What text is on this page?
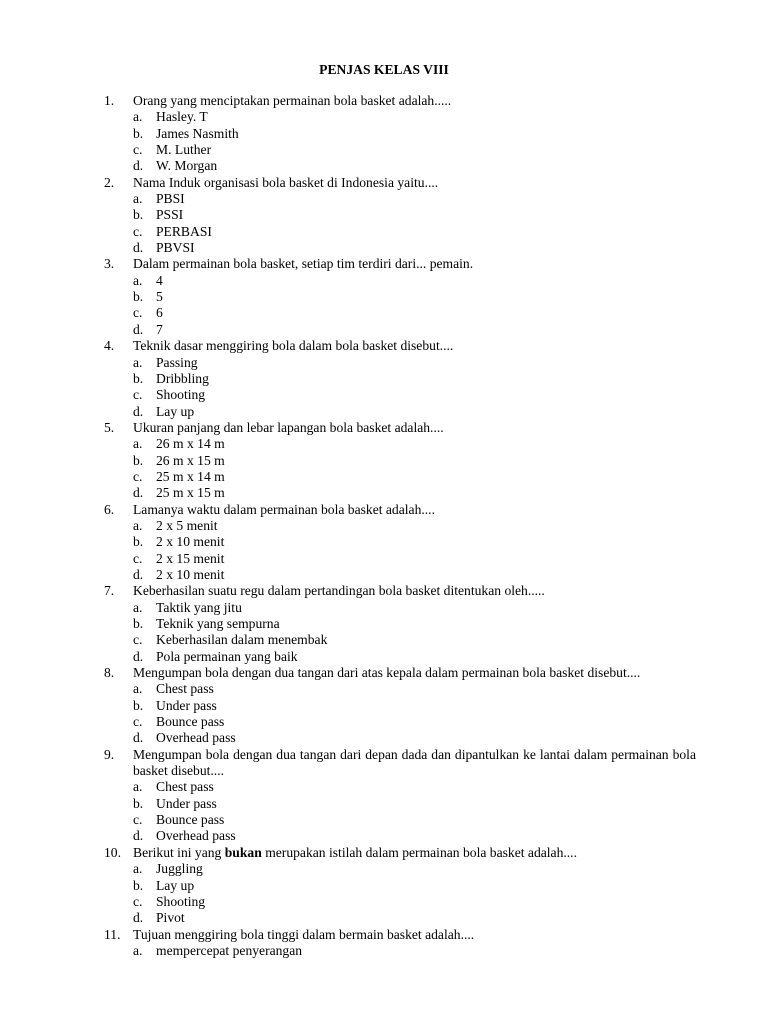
PENJAS KELAS VIII
1. Orang yang menciptakan permainan bola basket adalah.....
a. Hasley. T
b. James Nasmith
c. M. Luther
d. W. Morgan
2. Nama Induk organisasi bola basket di Indonesia yaitu....
a. PBSI
b. PSSI
c. PERBASI
d. PBVSI
3. Dalam permainan bola basket, setiap tim terdiri dari... pemain.
a. 4
b. 5
c. 6
d. 7
4. Teknik dasar menggiring bola dalam bola basket disebut....
a. Passing
b. Dribbling
c. Shooting
d. Lay up
5. Ukuran panjang dan lebar lapangan bola basket adalah....
a. 26 m x 14 m
b. 26 m x 15 m
c. 25 m x 14 m
d. 25 m x 15 m
6. Lamanya waktu dalam permainan bola basket adalah....
a. 2 x 5 menit
b. 2 x 10 menit
c. 2 x 15 menit
d. 2 x 10 menit
7. Keberhasilan suatu regu dalam pertandingan bola basket ditentukan oleh.....
a. Taktik yang jitu
b. Teknik yang sempurna
c. Keberhasilan dalam menembak
d. Pola permainan yang baik
8. Mengumpan bola dengan dua tangan dari atas kepala dalam permainan bola basket disebut....
a. Chest pass
b. Under pass
c. Bounce pass
d. Overhead pass
9. Mengumpan bola dengan dua tangan dari depan dada dan dipantulkan ke lantai dalam permainan bola basket disebut....
a. Chest pass
b. Under pass
c. Bounce pass
d. Overhead pass
10. Berikut ini yang bukan merupakan istilah dalam permainan bola basket adalah....
a. Juggling
b. Lay up
c. Shooting
d. Pivot
11. Tujuan menggiring bola tinggi dalam bermain basket adalah....
a. mempercepat penyerangan
